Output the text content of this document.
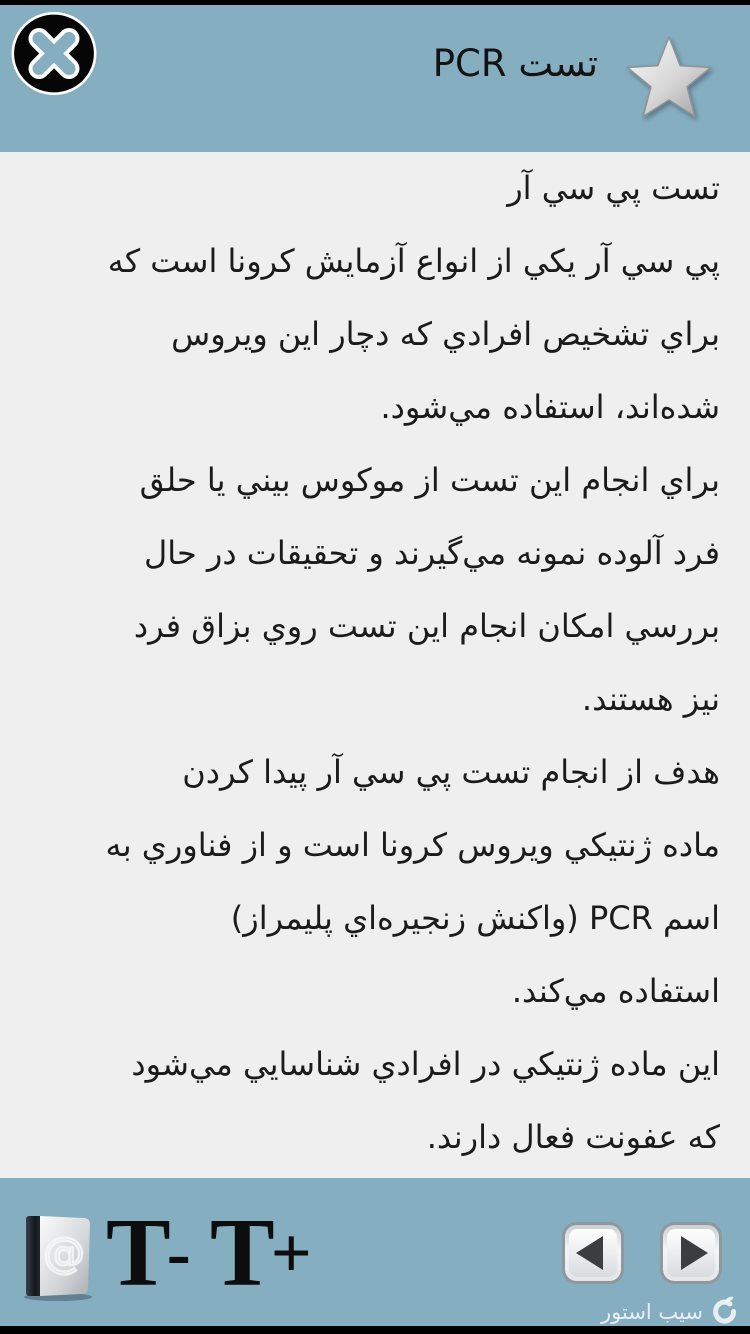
تست PCR
تست پي سي آر
پي سي آر يكي از انواع آزمايش كرونا است كه
براي تشخيص افرادي كه دچار اين ويروس
شده‌اند، استفاده مي‌شود.
براي انجام اين تست از موكوس بيني يا حلق
فرد آلوده نمونه مي‌گيرند و تحقيقات در حال
بررسي امكان انجام اين تست روي بزاق فرد
نيز هستند.
هدف از انجام تست پي سي آر پيدا كردن
ماده ژنتيكي ويروس كرونا است و از فناوري به
اسم PCR (واكنش زنجيره‌اي پليمراز)
استفاده مي‌كند.
اين ماده ژنتيكي در افرادي شناسايي مي‌شود
كه عفونت فعال دارند.
@ T
- T
+
سیب استور
